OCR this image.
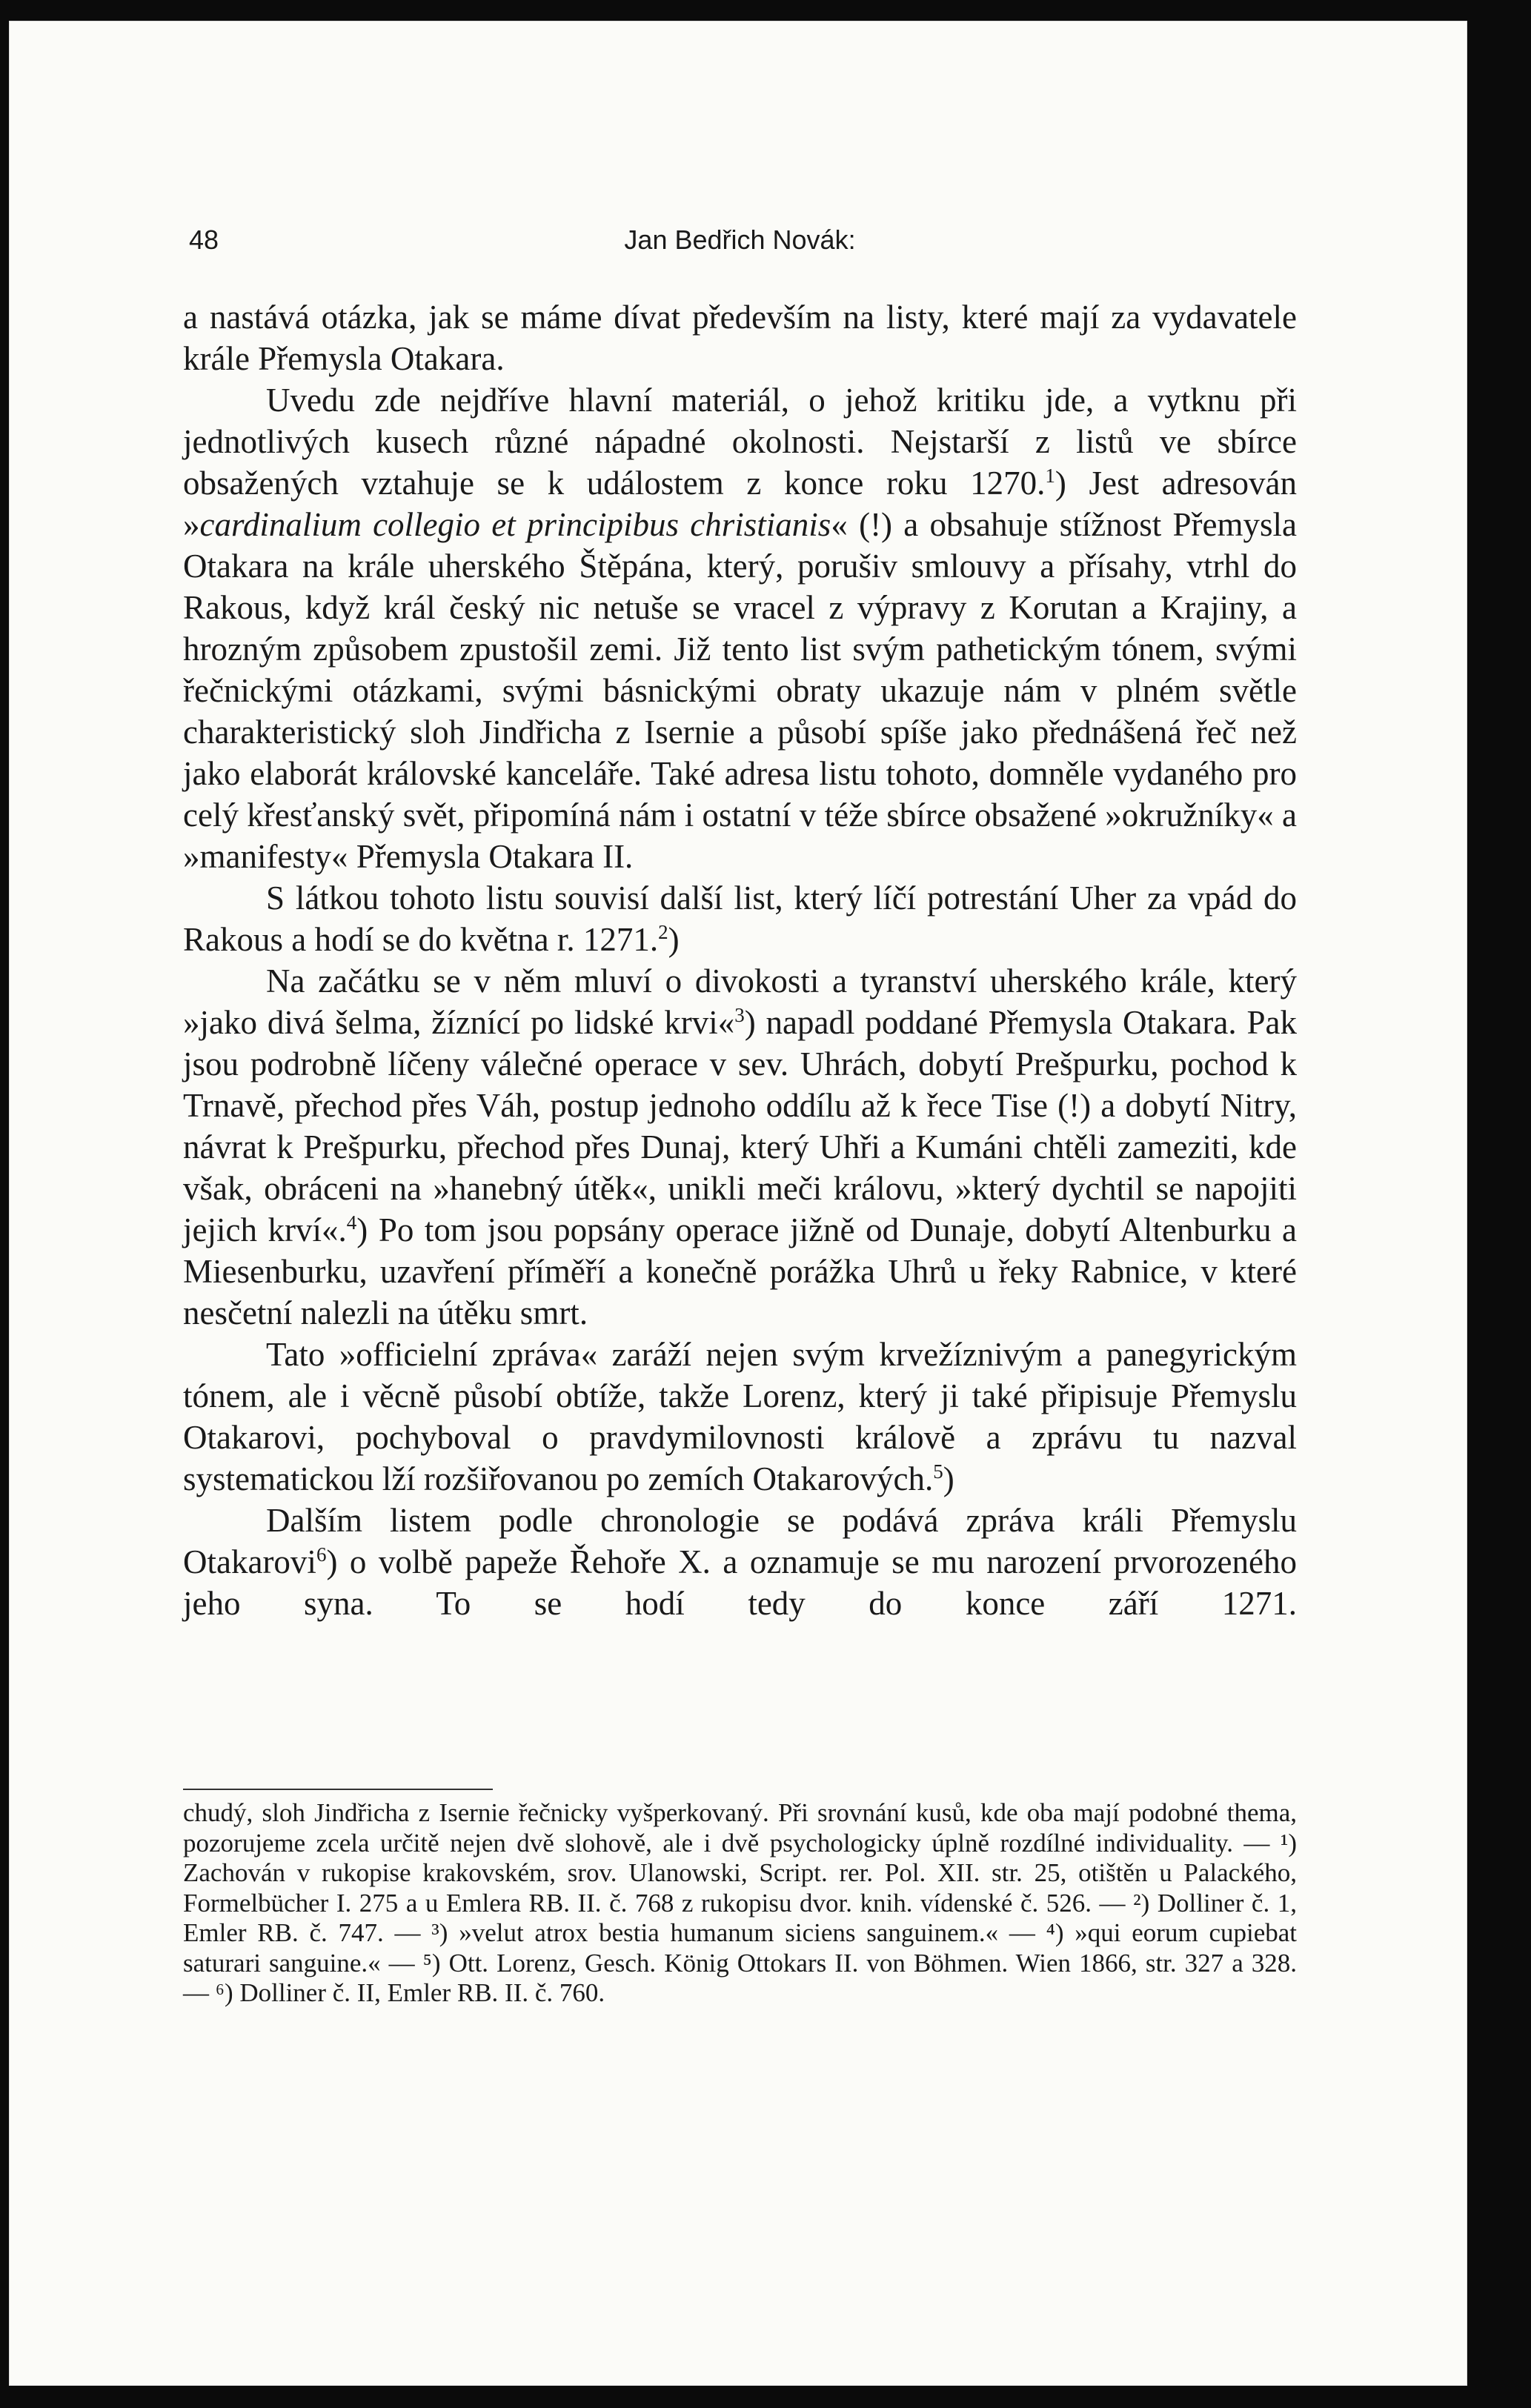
48	Jan Bedřich Novák:

a nastává otázka, jak se máme dívat především na listy, které mají za vydavatele krále Přemysla Otakara.

Uvedu zde nejdříve hlavní materiál, o jehož kritiku jde, a vytknu při jednotlivých kusech různé nápadné okolnosti. Nejstarší z listů ve sbírce obsažených vztahuje se k událostem z konce roku 1270.$^1$) Jest adresován »cardinalium collegio et principibus christianis« (!) a obsahuje stížnost Přemysla Otakara na krále uherského Štěpána, který, porušiv smlouvy a přísahy, vtrhl do Rakous, když král český nic netuše se vracel z výpravy z Korutan a Krajiny, a hrozným způsobem zpustošil zemi. Již tento list svým pathetickým tónem, svými řečnickými otázkami, svými básnickými obraty ukazuje nám v plném světle charakteristický sloh Jindřicha z Isernie a působí spíše jako přednášená řeč než jako elaborát královské kanceláře. Také adresa listu tohoto, domněle vydaného pro celý křesťanský svět, připomíná nám i ostatní v téže sbírce obsažené »okružníky« a »manifesty« Přemysla Otakara II.

S látkou tohoto listu souvisí další list, který líčí potrestání Uher za vpád do Rakous a hodí se do května r. 1271.$^2$)

Na začátku se v něm mluví o divokosti a tyranství uherského krále, který »jako divá šelma, žíznící po lidské krvi«$^3$) napadl poddané Přemysla Otakara. Pak jsou podrobně líčeny válečné operace v sev. Uhrách, dobytí Prešpurku, pochod k Trnavě, přechod přes Váh, postup jednoho oddílu až k řece Tise (!) a dobytí Nitry, návrat k Prešpurku, přechod přes Dunaj, který Uhři a Kumáni chtěli zameziti, kde však, obráceni na »hanebný útěk«, unikli meči královu, »který dychtil se napojiti jejich krví«.$^4$) Po tom jsou popsány operace jižně od Dunaje, dobytí Altenburku a Miesenburku, uzavření příměří a konečně porážka Uhrů u řeky Rabnice, v které nesčetní nalezli na útěku smrt.

Tato »officielní zpráva« zaráží nejen svým krvežíznivým a panegyrickým tónem, ale i věcně působí obtíže, takže Lorenz, který ji také připisuje Přemyslu Otakarovi, pochyboval o pravdymilovnosti královĕ a zprávu tu nazval systematickou lží rozšiřovanou po zemích Otakarových.$^5$)

Dalším listem podle chronologie se podává zpráva králi Přemyslu Otakarovi$^6$) o volbě papeže Řehoře X. a oznamuje se mu narození prvorozeného jeho syna. To se hodí tedy do konce září 1271.

chudý, sloh Jindřicha z Isernie řečnicky vyšperkovaný. Při srovnání kusů, kde oba mají podobné thema, pozorujeme zcela určitě nejen dvě slohově, ale i dvě psychologicky úplně rozdílné individuality. — ¹) Zachován v rukopise krakovském, srov. Ulanowski, Script. rer. Pol. XII. str. 25, otištěn u Palackého, Formelbücher I. 275 a u Emlera RB. II. č. 768 z rukopisu dvor. knih. vídenské č. 526. — ²) Dolliner č. 1, Emler RB. č. 747. — ³) »velut atrox bestia humanum siciens sanguinem.« — ⁴) »qui eorum cupiebat saturari sanguine.« — ⁵) Ott. Lorenz, Gesch. König Ottokars II. von Böhmen. Wien 1866, str. 327 a 328. — ⁶) Dolliner č. II, Emler RB. II. č. 760.
